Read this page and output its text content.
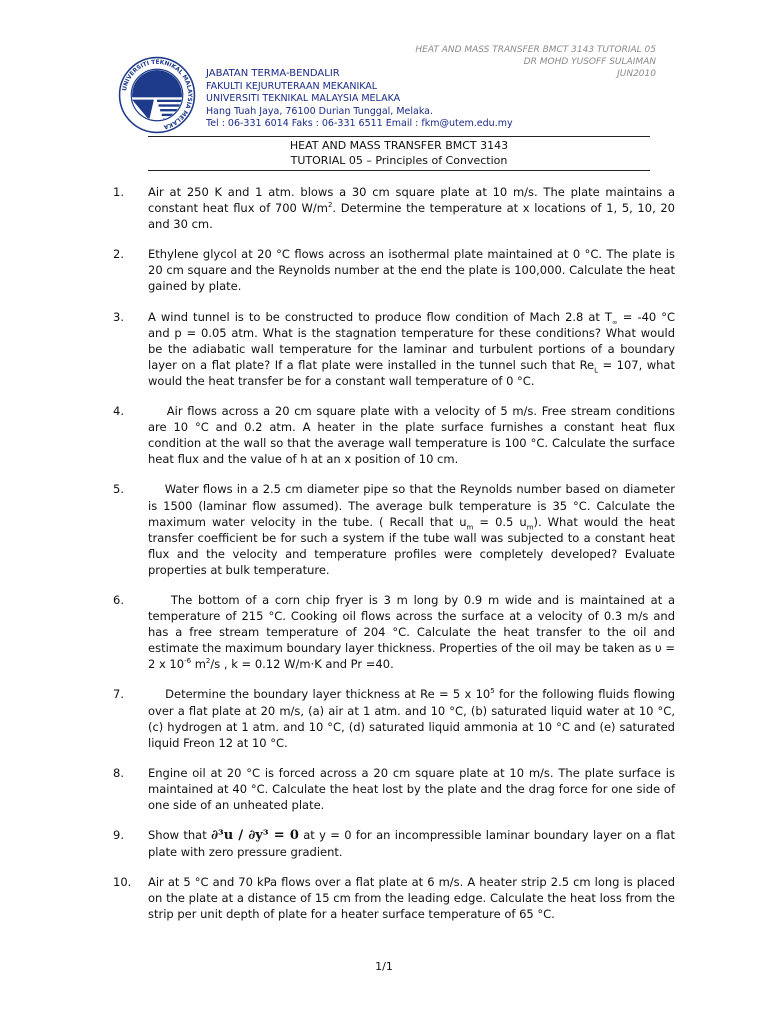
HEAT AND MASS TRANSFER BMCT 3143 TUTORIAL 05
DR MOHD YUSOFF SULAIMAN
JUN2010
UNIVERSITI TEKNIKAL MALAYSIA MELAKA
JABATAN TERMA-BENDALIR
FAKULTI KEJURUTERAAN MEKANIKAL
UNIVERSITI TEKNIKAL MALAYSIA MELAKA
Hang Tuah Jaya, 76100 Durian Tunggal, Melaka.
Tel : 06-331 6014 Faks : 06-331 6511 Email : fkm@utem.edu.my
HEAT AND MASS TRANSFER BMCT 3143
TUTORIAL 05 – Principles of Convection
1. Air at 250 K and 1 atm. blows a 30 cm square plate at 10 m/s. The plate maintains a constant heat flux of 700 $W/m^2$. Determine the temperature at x locations of 1, 5, 10, 20 and 30 cm.
2. Ethylene glycol at 20 °C flows across an isothermal plate maintained at 0 °C. The plate is 20 cm square and the Reynolds number at the end the plate is 100,000. Calculate the heat gained by plate.
3. A wind tunnel is to be constructed to produce flow condition of Mach 2.8 at $T_\infty = -40$ °C and p = 0.05 atm. What is the stagnation temperature for these conditions? What would be the adiabatic wall temperature for the laminar and turbulent portions of a boundary layer on a flat plate? If a flat plate were installed in the tunnel such that $Re_L = 107$, what would the heat transfer be for a constant wall temperature of 0 °C.
4. Air flows across a 20 cm square plate with a velocity of 5 m/s. Free stream conditions are 10 °C and 0.2 atm. A heater in the plate surface furnishes a constant heat flux condition at the wall so that the average wall temperature is 100 °C. Calculate the surface heat flux and the value of h at an x position of 10 cm.
5. Water flows in a 2.5 cm diameter pipe so that the Reynolds number based on diameter is 1500 (laminar flow assumed). The average bulk temperature is 35 °C. Calculate the maximum water velocity in the tube. ( Recall that $u_m = 0.5$ $u_m$). What would the heat transfer coefficient be for such a system if the tube wall was subjected to a constant heat flux and the velocity and temperature profiles were completely developed? Evaluate properties at bulk temperature.
6. The bottom of a corn chip fryer is 3 m long by 0.9 m wide and is maintained at a temperature of 215 °C. Cooking oil flows across the surface at a velocity of 0.3 m/s and has a free stream temperature of 204 °C. Calculate the heat transfer to the oil and estimate the maximum boundary layer thickness. Properties of the oil may be taken as υ = 2 x $10^{-6}$ $m^2/s$ , k = 0.12 W/m·K and Pr =40.
7. Determine the boundary layer thickness at Re = 5 x $10^5$ for the following fluids flowing over a flat plate at 20 m/s, (a) air at 1 atm. and 10 °C, (b) saturated liquid water at 10 °C, (c) hydrogen at 1 atm. and 10 °C, (d) saturated liquid ammonia at 10 °C and (e) saturated liquid Freon 12 at 10 °C.
8. Engine oil at 20 °C is forced across a 20 cm square plate at 10 m/s. The plate surface is maintained at 40 °C. Calculate the heat lost by the plate and the drag force for one side of one side of an unheated plate.
9. Show that ∂³u / ∂y³ = 0 at y = 0 for an incompressible laminar boundary layer on a flat plate with zero pressure gradient.
10. Air at 5 °C and 70 kPa flows over a flat plate at 6 m/s. A heater strip 2.5 cm long is placed on the plate at a distance of 15 cm from the leading edge. Calculate the heat loss from the strip per unit depth of plate for a heater surface temperature of 65 °C.
1/1
